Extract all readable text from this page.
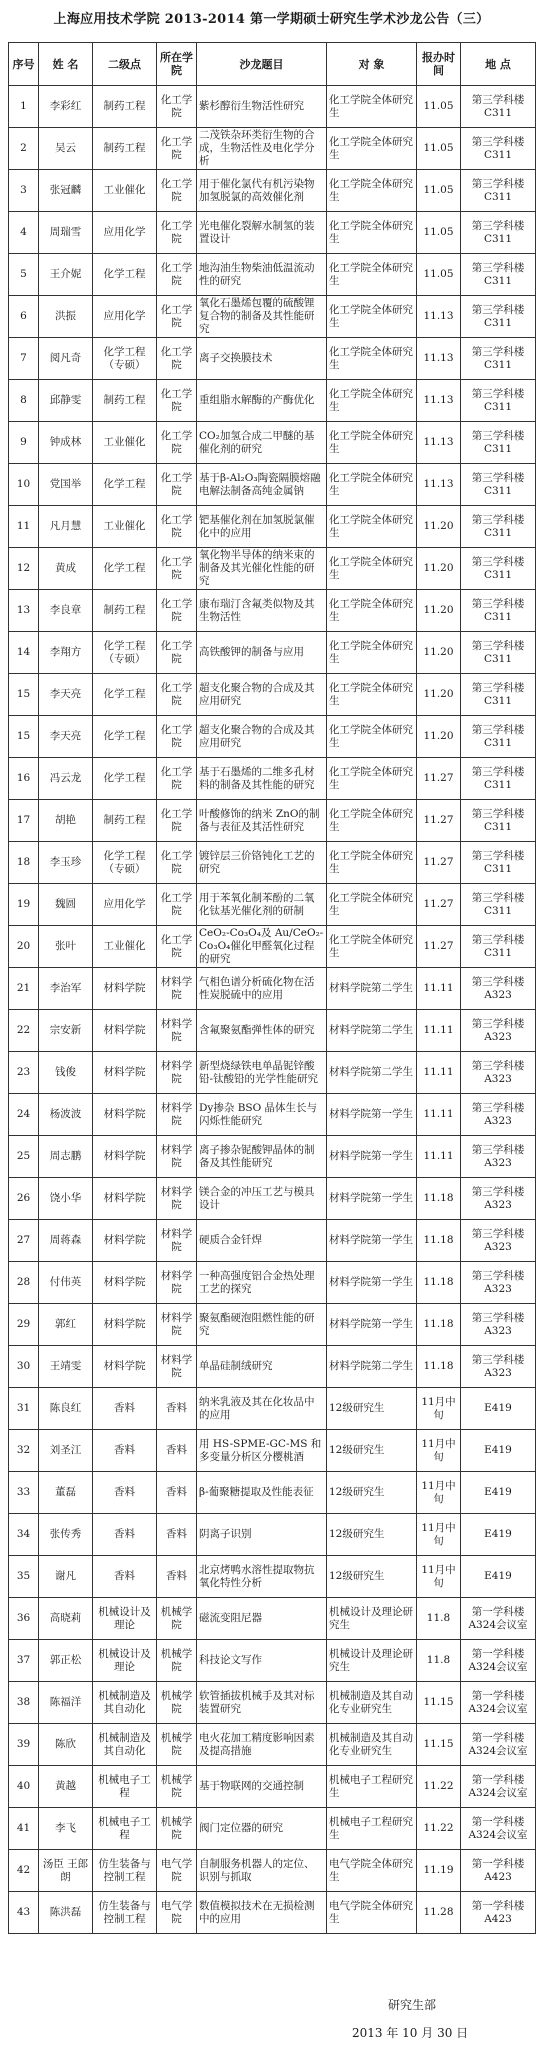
上海应用技术学院 2013-2014 第一学期硕士研究生学术沙龙公告（三）
序号	姓 名	二级点	所在学院	沙龙题目	对 象	报办时间	地 点
1	李彩红	制药工程	化工学院	紫杉醇衍生物活性研究	化工学院全体研究生	11.05	第三学科楼 C311
2	吴云	制药工程	化工学院	二茂铁杂环类衍生物的合成，生物活性及电化学分析	化工学院全体研究生	11.05	第三学科楼 C311
3	张冠麟	工业催化	化工学院	用于催化氯代有机污染物加氢脱氯的高效催化剂	化工学院全体研究生	11.05	第三学科楼 C311
4	周瑞雪	应用化学	化工学院	光电催化裂解水制氢的装置设计	化工学院全体研究生	11.05	第三学科楼 C311
5	王介妮	化学工程	化工学院	地沟油生物柴油低温流动性的研究	化工学院全体研究生	11.05	第三学科楼 C311
6	洪振	应用化学	化工学院	氧化石墨烯包覆的硫酸锂复合物的制备及其性能研究	化工学院全体研究生	11.13	第三学科楼 C311
7	阅凡奇	化学工程（专硕）	化工学院	离子交换膜技术	化工学院全体研究生	11.13	第三学科楼 C311
8	邱静雯	制药工程	化工学院	重组脂水解酶的产酶优化	化工学院全体研究生	11.13	第三学科楼 C311
9	钟成林	工业催化	化工学院	CO₂加氢合成二甲醚的基催化剂的研究	化工学院全体研究生	11.13	第三学科楼 C311
10	党国举	化学工程	化工学院	基于β-Al₂O₃陶瓷隔膜熔融电解法制备高纯金属钠	化工学院全体研究生	11.13	第三学科楼 C311
11	凡月慧	工业催化	化工学院	钯基催化剂在加氢脱氯催化中的应用	化工学院全体研究生	11.20	第三学科楼 C311
12	黄成	化学工程	化工学院	氧化物半导体的纳米束的制备及其光催化性能的研究	化工学院全体研究生	11.20	第三学科楼 C311
13	李良章	制药工程	化工学院	康布瑞汀含氟类似物及其生物活性	化工学院全体研究生	11.20	第三学科楼 C311
14	李翔方	化学工程（专硕）	化工学院	高铁酸钾的制备与应用	化工学院全体研究生	11.20	第三学科楼 C311
15	李天亮	化学工程	化工学院	超支化聚合物的合成及其应用研究	化工学院全体研究生	11.20	第三学科楼 C311
15	李天亮	化学工程	化工学院	超支化聚合物的合成及其应用研究	化工学院全体研究生	11.20	第三学科楼 C311
16	冯云龙	化学工程	化工学院	基于石墨烯的二维多孔材料的制备及其性能的研究	化工学院全体研究生	11.27	第三学科楼 C311
17	胡艳	制药工程	化工学院	叶酸修饰的纳米 ZnO的制备与表征及其活性研究	化工学院全体研究生	11.27	第三学科楼 C311
18	李玉珍	化学工程（专硕）	化工学院	镀锌层三价铬钝化工艺的研究	化工学院全体研究生	11.27	第三学科楼 C311
19	魏圆	应用化学	化工学院	用于苯氧化制苯酚的二氧化钛基光催化剂的研制	化工学院全体研究生	11.27	第三学科楼 C311
20	张叶	工业催化	化工学院	CeO₂-Co₃O₄及 Au/CeO₂-Co₃O₄催化甲醛氧化过程的研究	化工学院全体研究生	11.27	第三学科楼 C311
21	李治军	材料学院	材料学院	气相色谱分析硫化物在活性炭脱硫中的应用	材料学院第二学生	11.11	第三学科楼 A323
22	宗安新	材料学院	材料学院	含氟聚氨酯弹性体的研究	材料学院第二学生	11.11	第三学科楼 A323
23	钱俊	材料学院	材料学院	新型烧绿铁电单晶铌锌酸铅-钛酸铅的光学性能研究	材料学院第二学生	11.11	第三学科楼 A323
24	杨波波	材料学院	材料学院	Dy掺杂 BSO 晶体生长与闪烁性能研究	材料学院第一学生	11.11	第三学科楼 A323
25	周志鹏	材料学院	材料学院	离子掺杂铌酸钾晶体的制备及其性能研究	材料学院第一学生	11.11	第三学科楼 A323
26	饶小华	材料学院	材料学院	镁合金的冲压工艺与模具设计	材料学院第一学生	11.18	第三学科楼 A323
27	周蒋森	材料学院	材料学院	硬质合金钎焊	材料学院第一学生	11.18	第三学科楼 A323
28	付伟英	材料学院	材料学院	一种高强度铝合金热处理工艺的探究	材料学院第一学生	11.18	第三学科楼 A323
29	郭红	材料学院	材料学院	聚氨酯硬泡阻燃性能的研究	材料学院第一学生	11.18	第三学科楼 A323
30	王靖雯	材料学院	材料学院	单晶硅制绒研究	材料学院第二学生	11.18	第三学科楼 A323
31	陈良红	香料	香料	纳米乳液及其在化妆品中的应用	12级研究生	11月中旬	E419
32	刘圣江	香料	香料	用 HS-SPME-GC-MS 和多变量分析区分樱桃酒	12级研究生	11月中旬	E419
33	董磊	香料	香料	β-葡聚糖提取及性能表征	12级研究生	11月中旬	E419
34	张传秀	香料	香料	阴离子识别	12级研究生	11月中旬	E419
35	谢凡	香料	香料	北京烤鸭水溶性提取物抗氧化特性分析	12级研究生	11月中旬	E419
36	高晓莉	机械设计及理论	机械学院	磁流变阻尼器	机械设计及理论研究生	11.8	第一学科楼 A324会议室
37	郭正松	机械设计及理论	机械学院	科技论文写作	机械设计及理论研究生	11.8	第一学科楼 A324会议室
38	陈福洋	机械制造及其自动化	机械学院	软管插拔机械手及其对标装置研究	机械制造及其自动化专业研究生	11.15	第一学科楼 A324会议室
39	陈欣	机械制造及其自动化	机械学院	电火花加工精度影响因素及提高措施	机械制造及其自动化专业研究生	11.15	第一学科楼 A324会议室
40	黄越	机械电子工程	机械学院	基于物联网的交通控制	机械电子工程研究生	11.22	第一学科楼 A324会议室
41	李飞	机械电子工程	机械学院	阀门定位器的研究	机械电子工程研究生	11.22	第一学科楼 A324会议室
42	汤臣 王郎朗	仿生装备与控制工程	电气学院	自制服务机器人的定位、识别与抓取	电气学院全体研究生	11.19	第一学科楼 A423
43	陈洪磊	仿生装备与控制工程	电气学院	数值模拟技术在无损检测中的应用	电气学院全体研究生	11.28	第一学科楼 A423
研究生部
2013 年 10 月 30 日
